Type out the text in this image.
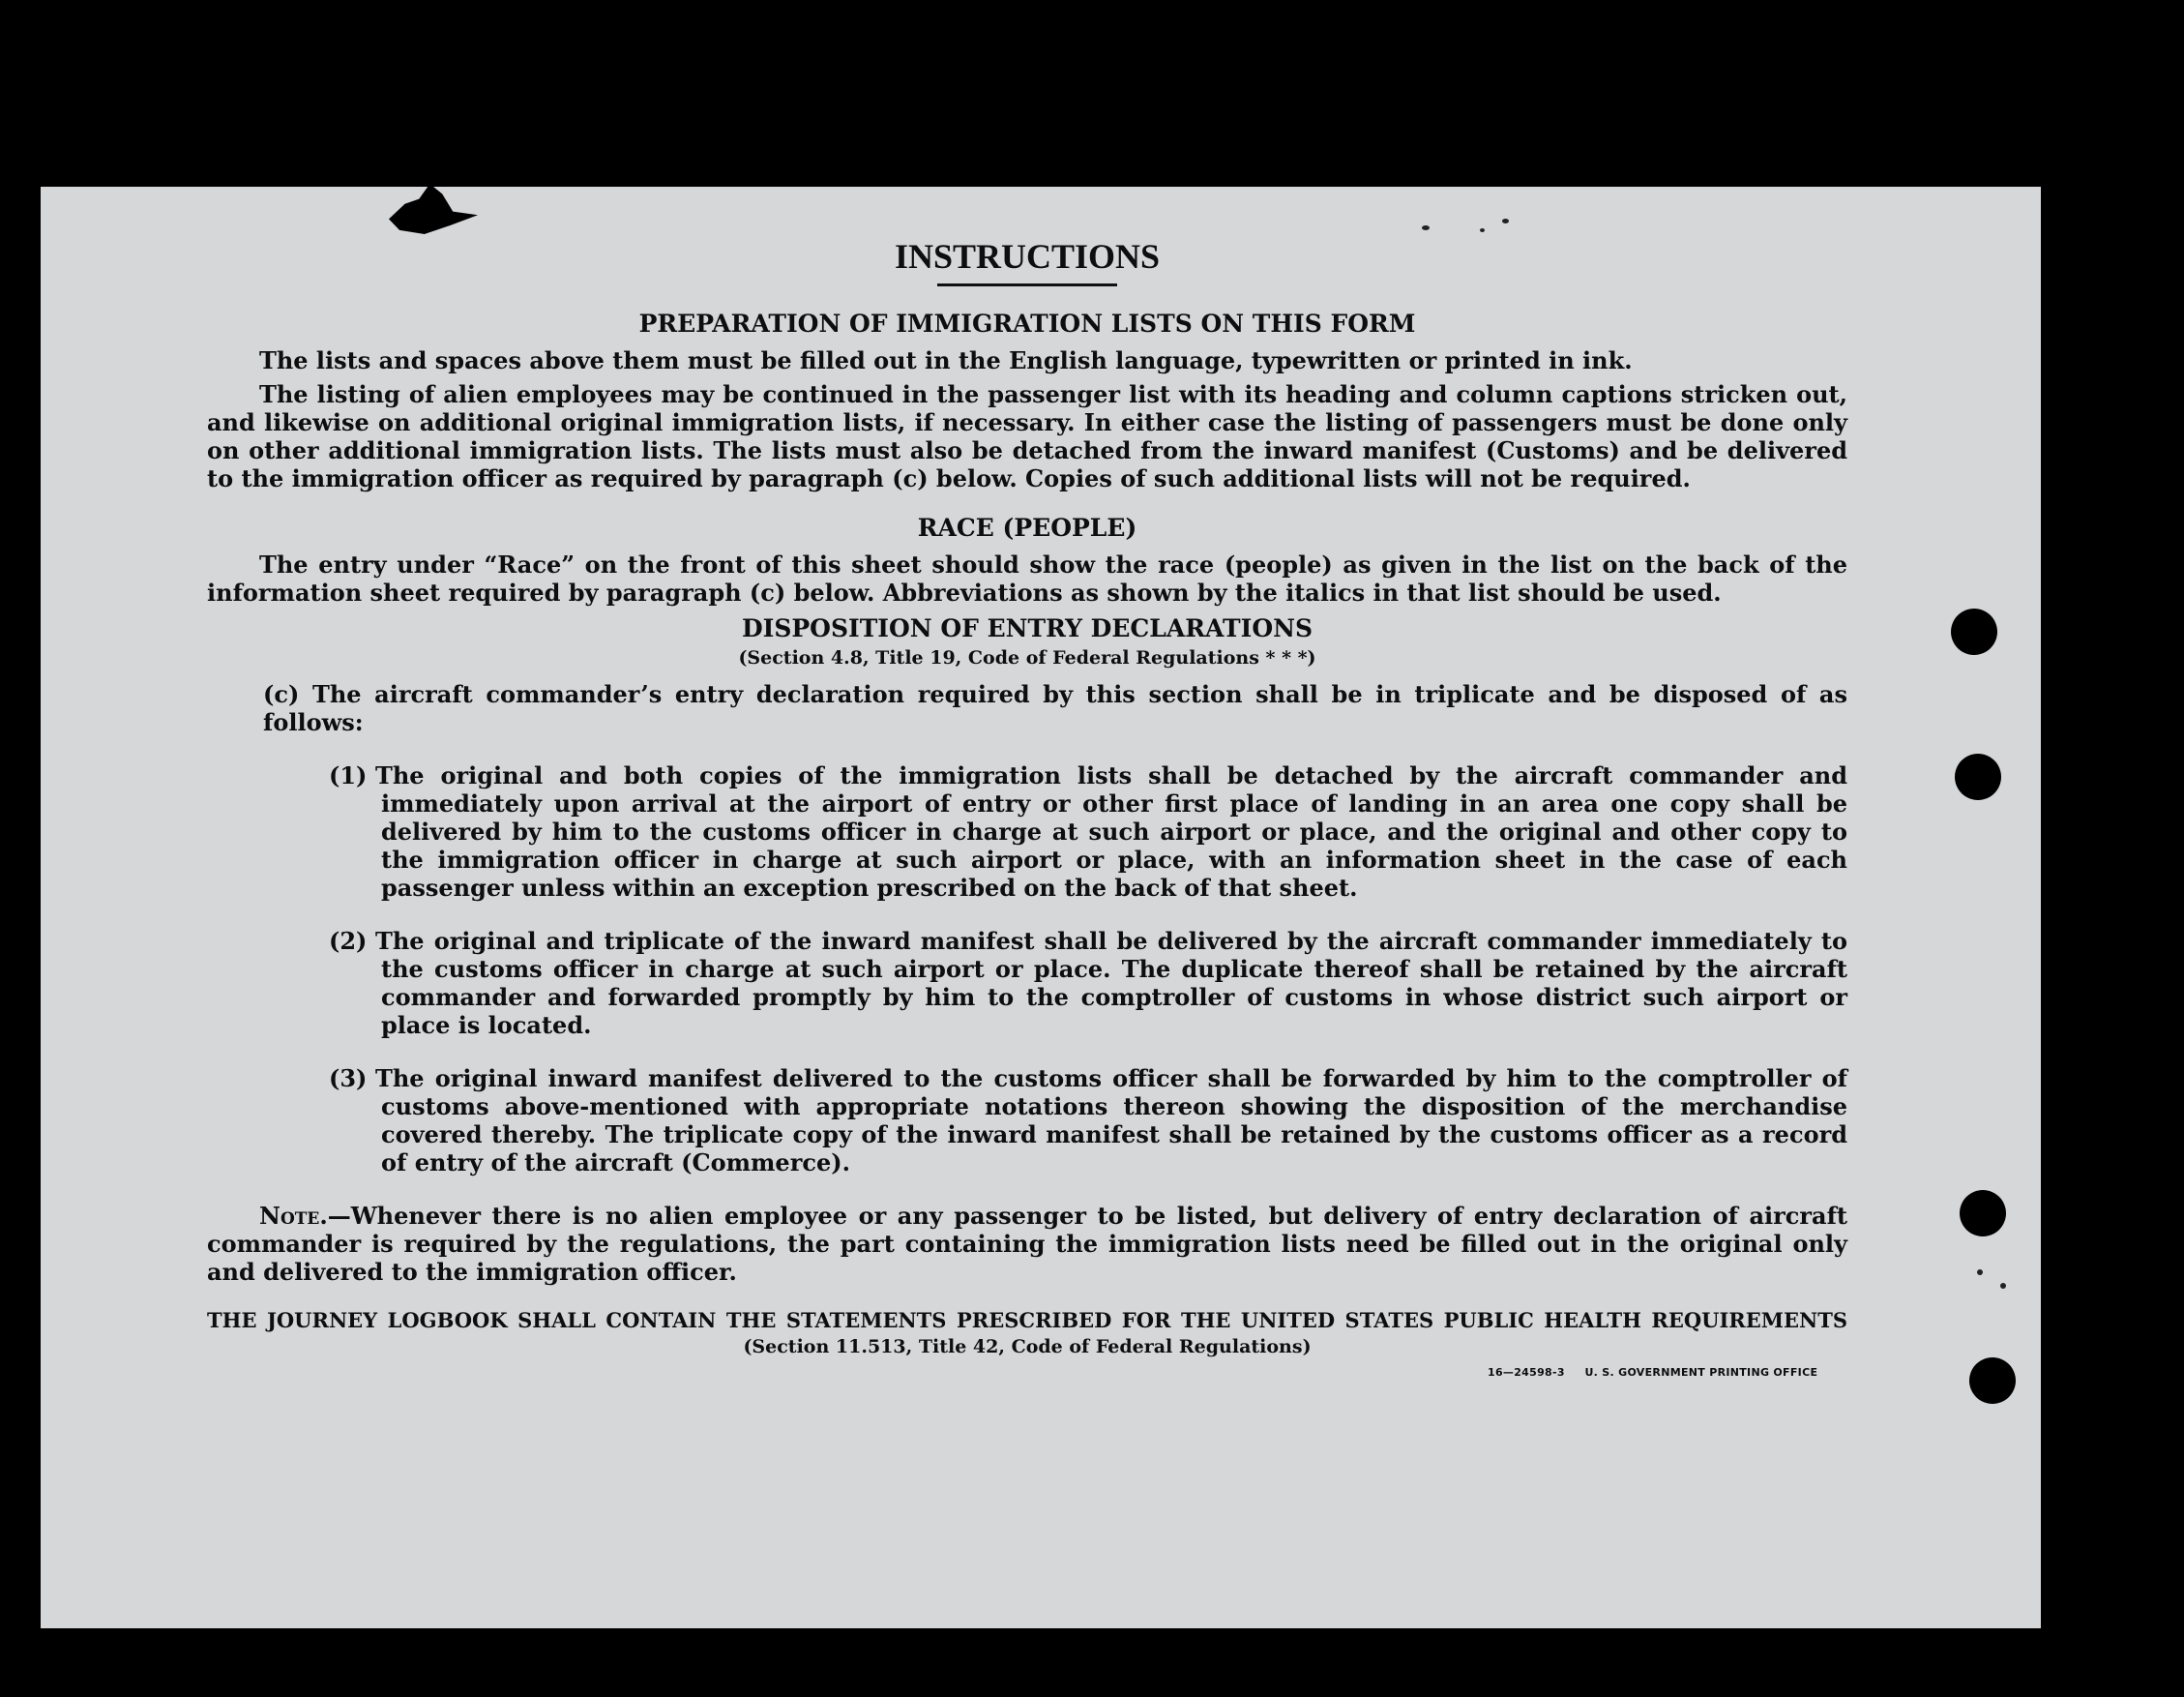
INSTRUCTIONS
PREPARATION OF IMMIGRATION LISTS ON THIS FORM

The lists and spaces above them must be filled out in the English language, typewritten or printed in ink.

The listing of alien employees may be continued in the passenger list with its heading and column captions stricken out, and likewise on additional original immigration lists, if necessary. In either case the listing of passengers must be done only on other additional immigration lists. The lists must also be detached from the inward manifest (Customs) and be delivered to the immigration officer as required by paragraph (c) below. Copies of such additional lists will not be required.

RACE (PEOPLE)

The entry under “Race” on the front of this sheet should show the race (people) as given in the list on the back of the information sheet required by paragraph (c) below. Abbreviations as shown by the italics in that list should be used.

DISPOSITION OF ENTRY DECLARATIONS
(Section 4.8, Title 19, Code of Federal Regulations * * *)

(c) The aircraft commander’s entry declaration required by this section shall be in triplicate and be disposed of as follows:

(1) The original and both copies of the immigration lists shall be detached by the aircraft commander and immediately upon arrival at the airport of entry or other first place of landing in an area one copy shall be delivered by him to the customs officer in charge at such airport or place, and the original and other copy to the immigration officer in charge at such airport or place, with an information sheet in the case of each passenger unless within an exception prescribed on the back of that sheet.

(2) The original and triplicate of the inward manifest shall be delivered by the aircraft commander immediately to the customs officer in charge at such airport or place. The duplicate thereof shall be retained by the aircraft commander and forwarded promptly by him to the comptroller of customs in whose district such airport or place is located.

(3) The original inward manifest delivered to the customs officer shall be forwarded by him to the comptroller of customs above-mentioned with appropriate notations thereon showing the disposition of the merchandise covered thereby. The triplicate copy of the inward manifest shall be retained by the customs officer as a record of entry of the aircraft (Commerce).

Note.—Whenever there is no alien employee or any passenger to be listed, but delivery of entry declaration of aircraft commander is required by the regulations, the part containing the immigration lists need be filled out in the original only and delivered to the immigration officer.

THE JOURNEY LOGBOOK SHALL CONTAIN THE STATEMENTS PRESCRIBED FOR THE UNITED STATES PUBLIC HEALTH REQUIREMENTS

(Section 11.513, Title 42, Code of Federal Regulations)
16—24598-3 U. S. GOVERNMENT PRINTING OFFICE
